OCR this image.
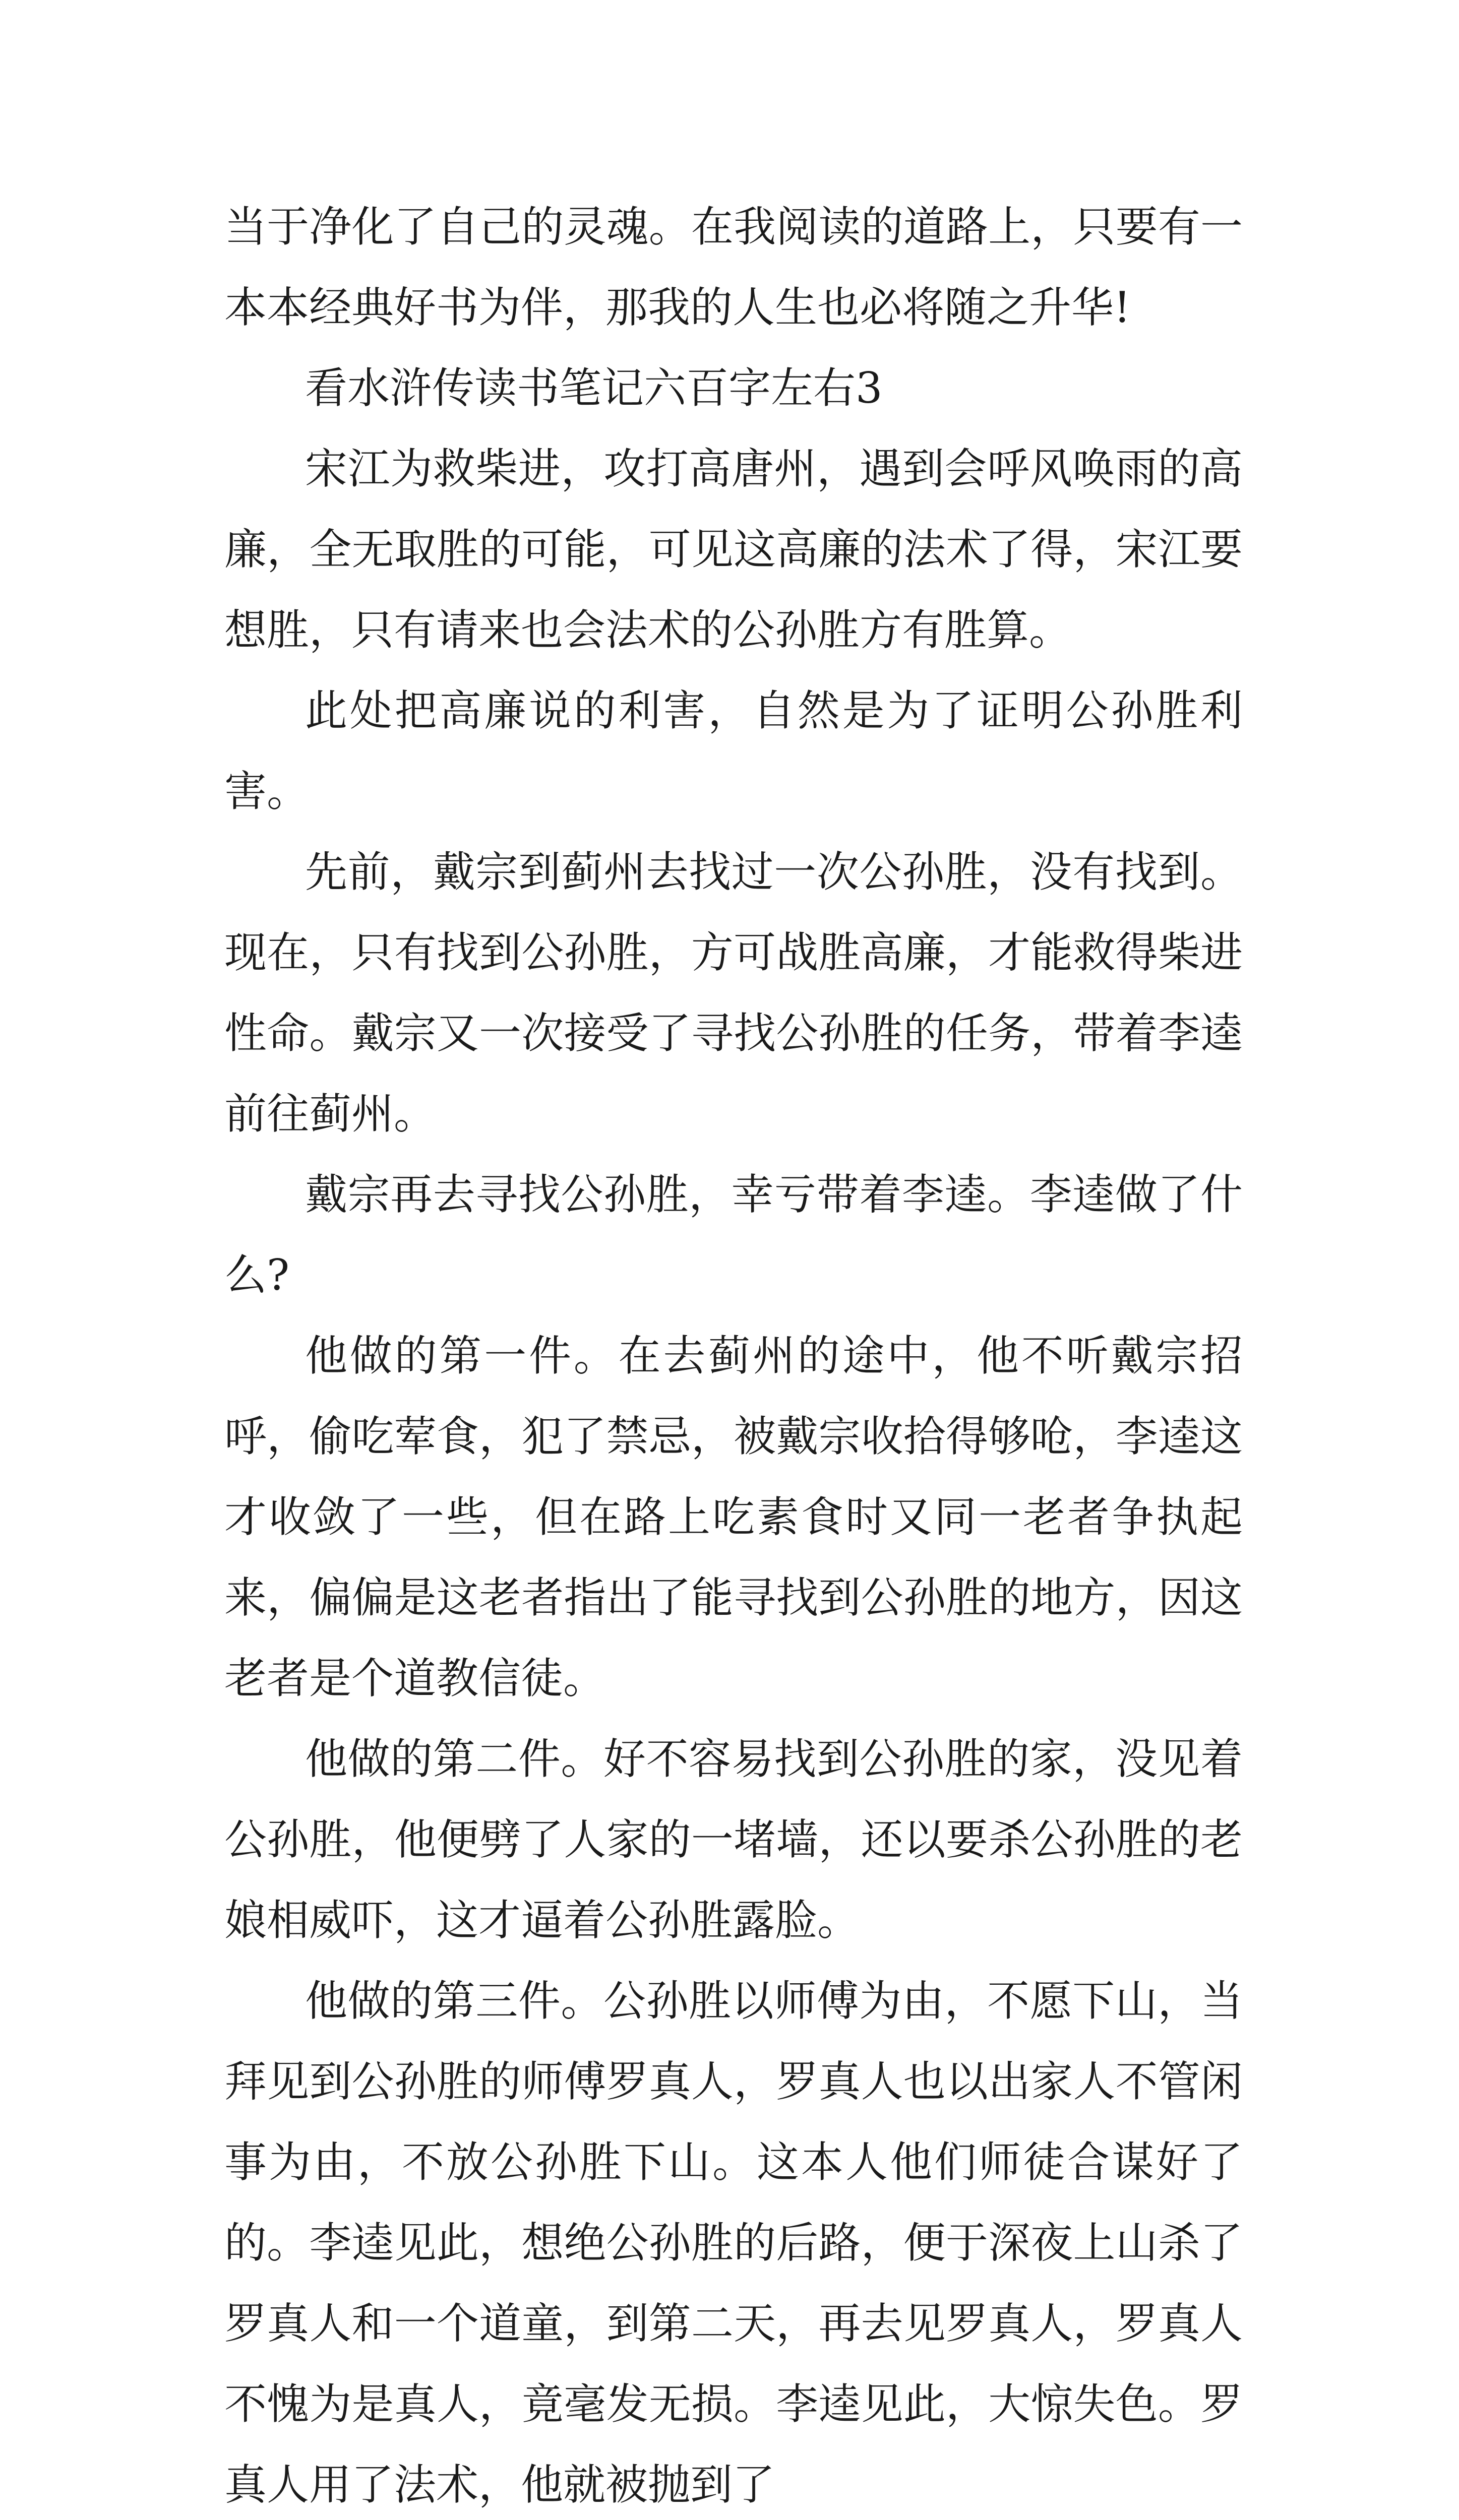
当于净化了自己的灵魂。在我阅读的道路上，只要有一本本经典好书为伴，那我的人生也必将随之升华!

看水浒传读书笔记六百字左右3

宋江为救柴进，攻打高唐州，遇到会呼风唤雨的高廉，全无取胜的可能，可见这高廉的法术了得，宋江要想胜，只有请来也会法术的公孙胜方有胜算。

此处把高廉说的利害，自然是为了证明公孙胜利害。

先前，戴宗到蓟州去找过一次公孙胜，没有找到。现在，只有找到公孙胜，方可战胜高廉，才能救得柴进性命。戴宗又一次接受了寻找公孙胜的任务，带着李逵前往蓟州。

戴宗再去寻找公孙胜，幸亏带着李逵。李逵做了什么?

他做的第一件。在去蓟州的途中，他不听戴宗招呼，偷吃荤食，犯了禁忌，被戴宗收拾得够呛，李逵这才收敛了一些，但在路上吃素食时又同一老者争执起来，偏偏是这老者指出了能寻找到公孙胜的地方，因这老者是个道教信徒。

他做的第二件。好不容易找到公孙胜的家，没见着公孙胜，他便劈了人家的一堵墙，还以要杀公孙胜的老娘相威吓，这才逼着公孙胜露脸。

他做的第三件。公孙胜以师傅为由，不愿下山，当拜见到公孙胜的师傅罗真人，罗真人也以出家人不管闲事为由，不放公孙胜下山。这本人他们师徒合谋好了的。李逵见此，想绝公孙胜的后路，便于深夜上山杀了罗真人和一个道童，到第二天，再去见罗真人，罗真人不愧为是真人，竟毫发无损。李逵见此，大惊失色。罗真人用了法术，他就被抛到了
